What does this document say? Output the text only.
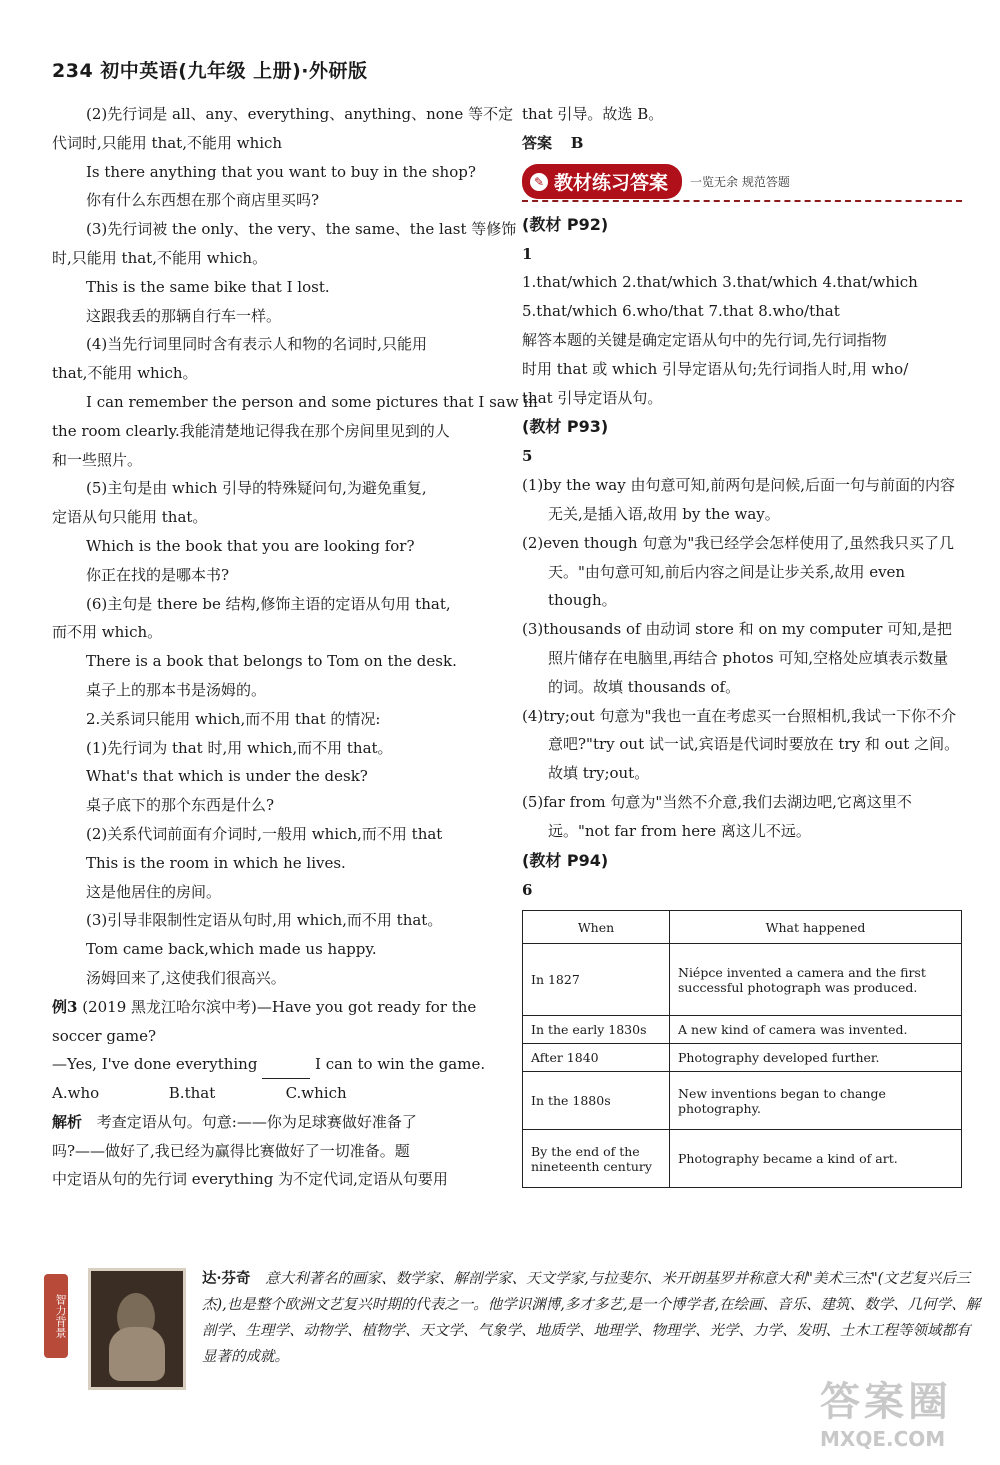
234 初中英语(九年级 上册)·外研版
(2)先行词是 all、any、everything、anything、none 等不定
代词时,只能用 that,不能用 which
Is there anything that you want to buy in the shop?
你有什么东西想在那个商店里买吗?
(3)先行词被 the only、the very、the same、the last 等修饰
时,只能用 that,不能用 which。
This is the same bike that I lost.
这跟我丢的那辆自行车一样。
(4)当先行词里同时含有表示人和物的名词时,只能用
that,不能用 which。
I can remember the person and some pictures that I saw in
the room clearly.我能清楚地记得我在那个房间里见到的人
和一些照片。
(5)主句是由 which 引导的特殊疑问句,为避免重复,
定语从句只能用 that。
Which is the book that you are looking for?
你正在找的是哪本书?
(6)主句是 there be 结构,修饰主语的定语从句用 that,
而不用 which。
There is a book that belongs to Tom on the desk.
桌子上的那本书是汤姆的。
2.关系词只能用 which,而不用 that 的情况:
(1)先行词为 that 时,用 which,而不用 that。
What's that which is under the desk?
桌子底下的那个东西是什么?
(2)关系代词前面有介词时,一般用 which,而不用 that
This is the room in which he lives.
这是他居住的房间。
(3)引导非限制性定语从句时,用 which,而不用 that。
Tom came back,which made us happy.
汤姆回来了,这使我们很高兴。
例3 (2019 黑龙江哈尔滨中考)—Have you got ready for the
soccer game?
—Yes, I've done everything	I can to win the game.
A.who	B.that	C.which
解析 考查定语从句。句意:——你为足球赛做好准备了
吗?——做好了,我已经为赢得比赛做好了一切准备。题
中定语从句的先行词 everything 为不定代词,定语从句要用
that 引导。故选 B。
答案 B
✎ 教材练习答案 一览无余 规范答题
(教材 P92)
1
1.that/which 2.that/which 3.that/which 4.that/which
5.that/which 6.who/that 7.that 8.who/that
解答本题的关键是确定定语从句中的先行词,先行词指物
时用 that 或 which 引导定语从句;先行词指人时,用 who/
that 引导定语从句。
(教材 P93)
5
(1)by the way 由句意可知,前两句是问候,后面一句与前面的内容无关,是插入语,故用 by the way。
(2)even though 句意为"我已经学会怎样使用了,虽然我只买了几天。"由句意可知,前后内容之间是让步关系,故用 even though。
(3)thousands of 由动词 store 和 on my computer 可知,是把照片储存在电脑里,再结合 photos 可知,空格处应填表示数量的词。故填 thousands of。
(4)try;out 句意为"我也一直在考虑买一台照相机,我试一下你不介意吧?"try out 试一试,宾语是代词时要放在 try 和 out 之间。故填 try;out。
(5)far from 句意为"当然不介意,我们去湖边吧,它离这里不远。"not far from here 离这儿不远。
(教材 P94)
6
When	What happened
In 1827	Niépce invented a camera and the first successful photograph was produced.
In the early 1830s	A new kind of camera was invented.
After 1840	Photography developed further.
In the 1880s	New inventions began to change photography.
By the end of the nineteenth century	Photography became a kind of art.
智力背景
达·芬奇 意大利著名的画家、数学家、解剖学家、天文学家,与拉斐尔、米开朗基罗并称意大利"美术三杰"(文艺复兴后三杰),也是整个欧洲文艺复兴时期的代表之一。他学识渊博,多才多艺,是一个博学者,在绘画、音乐、建筑、数学、几何学、解剖学、生理学、动物学、植物学、天文学、气象学、地质学、地理学、物理学、光学、力学、发明、土木工程等领域都有显著的成就。
答案圈
MXQE.COM
